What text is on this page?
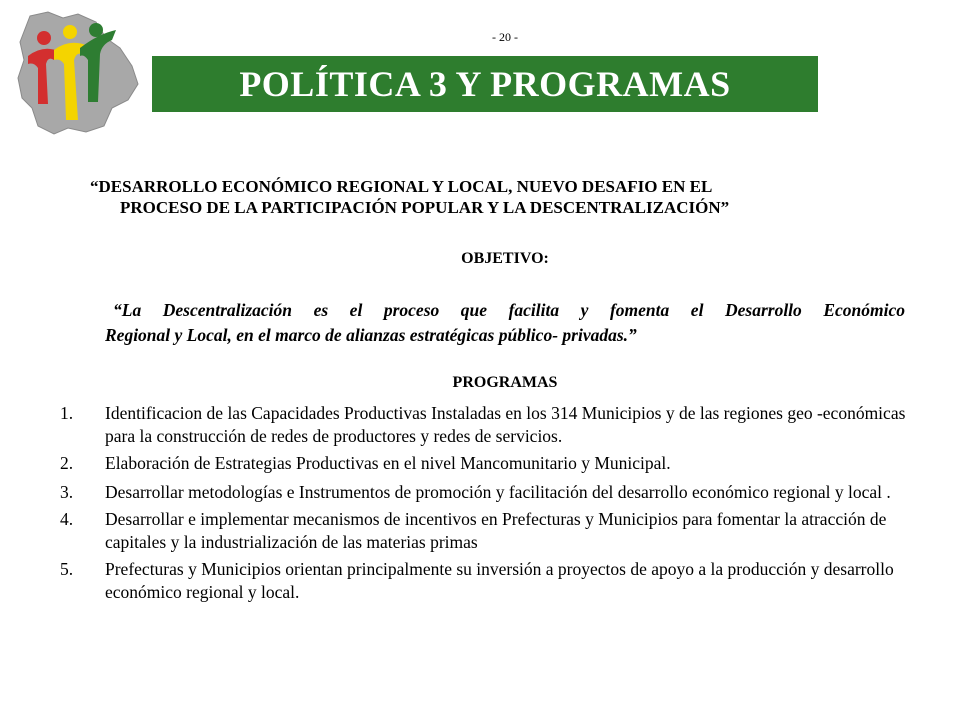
- 20 -
POLÍTICA 3 Y PROGRAMAS
“DESARROLLO ECONÓMICO REGIONAL Y LOCAL, NUEVO DESAFIO EN EL
PROCESO DE LA PARTICIPACIÓN POPULAR Y LA DESCENTRALIZACIÓN”
OBJETIVO:
“La Descentralización es el proceso que facilita y fomenta el Desarrollo Económico
Regional y Local, en el marco de alianzas estratégicas público- privadas.”
PROGRAMAS
1. Identificacion de las Capacidades Productivas Instaladas en los 314 Municipios y de las regiones geo -económicas para la construcción de redes de productores y redes de servicios.
2. Elaboración de Estrategias Productivas en el nivel Mancomunitario y Municipal.
3. Desarrollar metodologías e Instrumentos de promoción y facilitación del desarrollo económico regional y local .
4. Desarrollar e implementar mecanismos de incentivos en Prefecturas y Municipios para fomentar la atracción de capitales y la industrialización de las materias primas
5. Prefecturas y Municipios orientan principalmente su inversión a proyectos de apoyo a la producción y desarrollo económico regional y local.
